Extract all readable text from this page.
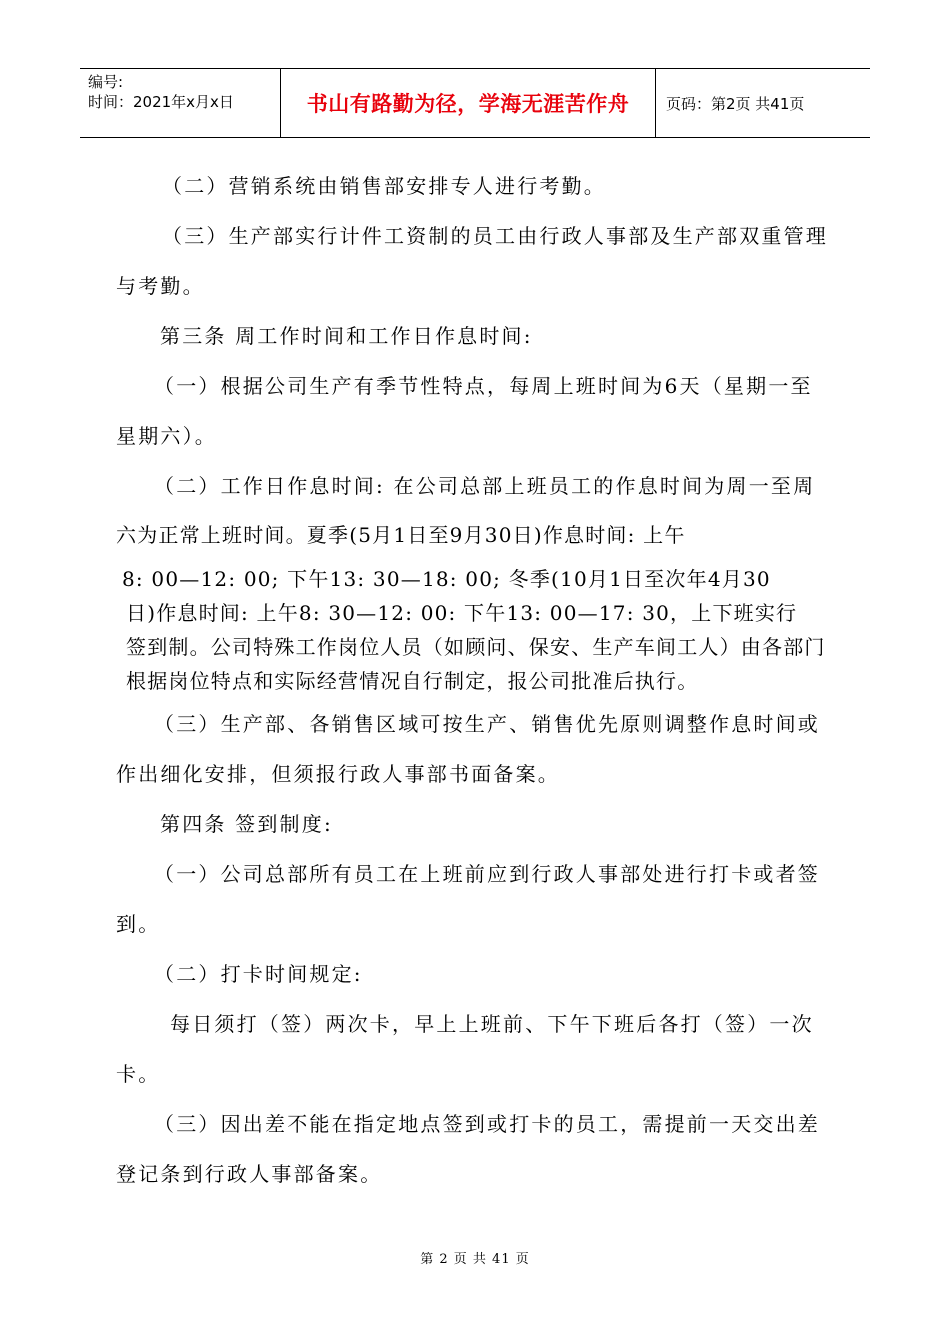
编号:
时间：2021年x月x日	书山有路勤为径，学海无涯苦作舟 页码：第2页 共41页
（二）营销系统由销售部安排专人进行考勤。
（三）生产部实行计件工资制的员工由行政人事部及生产部双重管理
与考勤。
第三条 周工作时间和工作日作息时间:
（一）根据公司生产有季节性特点，每周上班时间为6天（星期一至
星期六）。
（二）工作日作息时间: 在公司总部上班员工的作息时间为周一至周
六为正常上班时间。夏季(5月1日至9月30日)作息时间: 上午
8: 00—12: 00; 下午13: 30—18: 00; 冬季(10月1日至次年4月30
日)作息时间: 上午8: 30—12: 00: 下午13: 00—17: 30，上下班实行
签到制。公司特殊工作岗位人员（如顾问、保安、生产车间工人）由各部门
根据岗位特点和实际经营情况自行制定，报公司批准后执行。
（三）生产部、各销售区域可按生产、销售优先原则调整作息时间或
作出细化安排，但须报行政人事部书面备案。
第四条 签到制度:
（一）公司总部所有员工在上班前应到行政人事部处进行打卡或者签
到。
（二）打卡时间规定:
每日须打（签）两次卡，早上上班前、下午下班后各打（签）一次
卡。
（三）因出差不能在指定地点签到或打卡的员工，需提前一天交出差
登记条到行政人事部备案。
第 2 页 共 41 页
